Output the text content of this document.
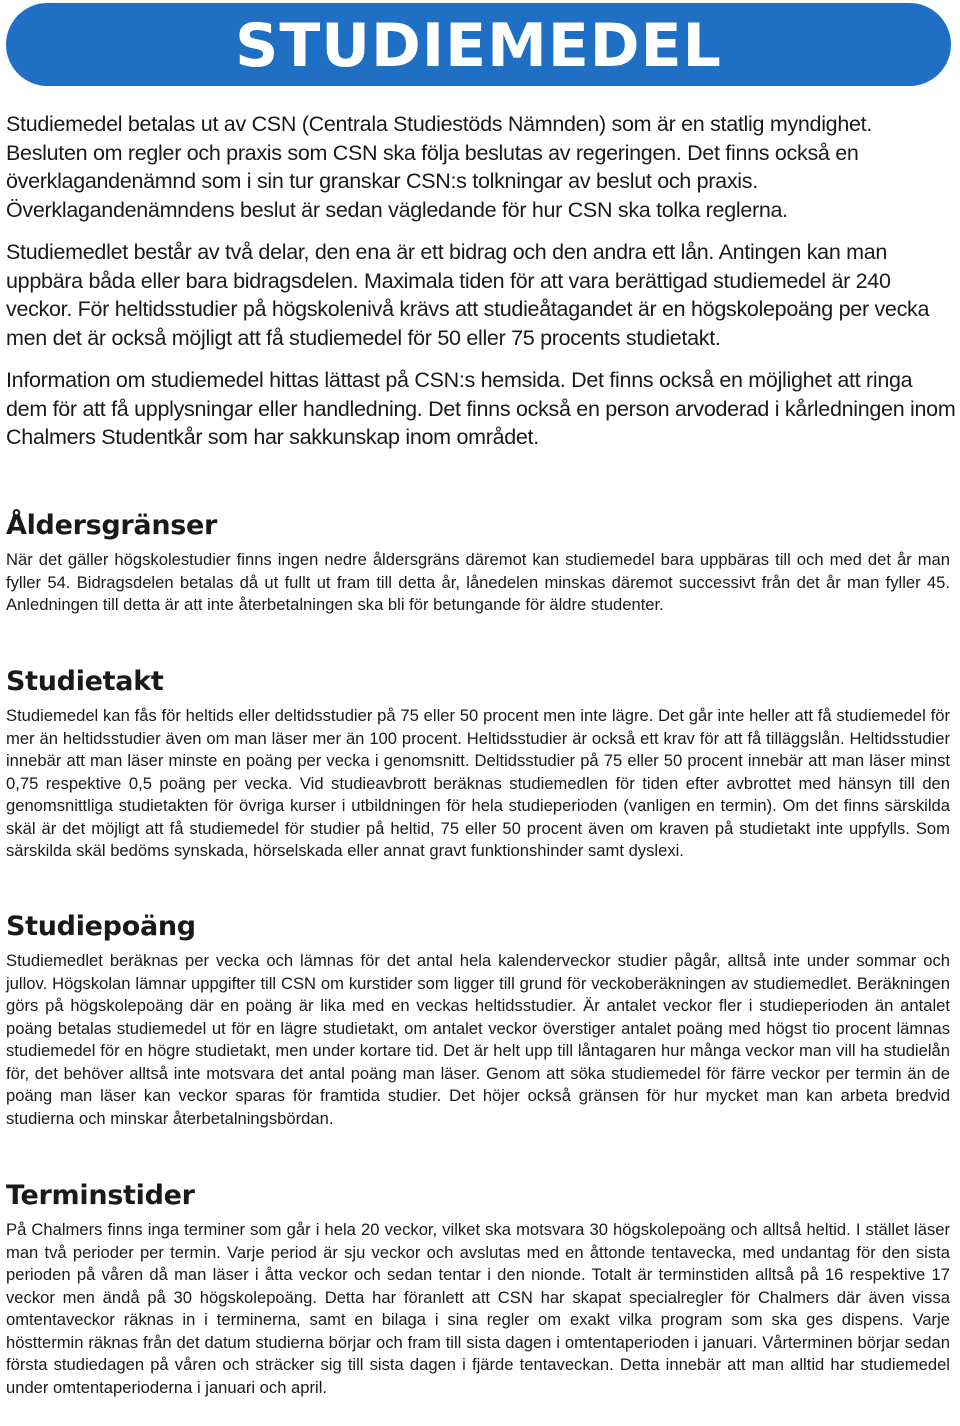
STUDIEMEDEL

Studiemedel betalas ut av CSN (Centrala Studiestöds Nämnden) som är en statlig myndighet. Besluten om regler och praxis som CSN ska följa beslutas av regeringen. Det finns också en överklagandenämnd som i sin tur granskar CSN:s tolkningar av beslut och praxis. Överklagandenämndens beslut är sedan vägledande för hur CSN ska tolka reglerna.

Studiemedlet består av två delar, den ena är ett bidrag och den andra ett lån. Antingen kan man uppbära båda eller bara bidragsdelen. Maximala tiden för att vara berättigad studiemedel är 240 veckor. För heltidsstudier på högskolenivå krävs att studieåtagandet är en högskolepoäng per vecka men det är också möjligt att få studiemedel för 50 eller 75 procents studietakt.

Information om studiemedel hittas lättast på CSN:s hemsida. Det finns också en möjlighet att ringa dem för att få upplysningar eller handledning. Det finns också en person arvoderad i kårledningen inom Chalmers Studentkår som har sakkunskap inom området.

Åldersgränser

När det gäller högskolestudier finns ingen nedre åldersgräns däremot kan studiemedel bara uppbäras till och med det år man fyller 54. Bidragsdelen betalas då ut fullt ut fram till detta år, lånedelen minskas däremot successivt från det år man fyller 45. Anledningen till detta är att inte återbetalningen ska bli för betungande för äldre studenter.

Studietakt

Studiemedel kan fås för heltids eller deltidsstudier på 75 eller 50 procent men inte lägre. Det går inte heller att få studiemedel för mer än heltidsstudier även om man läser mer än 100 procent. Heltidsstudier är också ett krav för att få tilläggslån. Heltidsstudier innebär att man läser minste en poäng per vecka i genomsnitt. Deltidsstudier på 75 eller 50 procent innebär att man läser minst 0,75 respektive 0,5 poäng per vecka. Vid studieavbrott beräknas studiemedlen för tiden efter avbrottet med hänsyn till den genomsnittliga studietakten för övriga kurser i utbildningen för hela studieperioden (vanligen en termin). Om det finns särskilda skäl är det möjligt att få studiemedel för studier på heltid, 75 eller 50 procent även om kraven på studietakt inte uppfylls. Som särskilda skäl bedöms synskada, hörselskada eller annat gravt funktionshinder samt dyslexi.

Studiepoäng

Studiemedlet beräknas per vecka och lämnas för det antal hela kalenderveckor studier pågår, alltså inte under sommar och jullov. Högskolan lämnar uppgifter till CSN om kurstider som ligger till grund för veckoberäkningen av studiemedlet. Beräkningen görs på högskolepoäng där en poäng är lika med en veckas heltidsstudier. Är antalet veckor fler i studieperioden än antalet poäng betalas studiemedel ut för en lägre studietakt, om antalet veckor överstiger antalet poäng med högst tio procent lämnas studiemedel för en högre studietakt, men under kortare tid. Det är helt upp till låntagaren hur många veckor man vill ha studielån för, det behöver alltså inte motsvara det antal poäng man läser. Genom att söka studiemedel för färre veckor per termin än de poäng man läser kan veckor sparas för framtida studier. Det höjer också gränsen för hur mycket man kan arbeta bredvid studierna och minskar återbetalningsbördan.

Terminstider

På Chalmers finns inga terminer som går i hela 20 veckor, vilket ska motsvara 30 högskolepoäng och alltså heltid. I stället läser man två perioder per termin. Varje period är sju veckor och avslutas med en åttonde tentavecka, med undantag för den sista perioden på våren då man läser i åtta veckor och sedan tentar i den nionde. Totalt är terminstiden alltså på 16 respektive 17 veckor men ändå på 30 högskolepoäng. Detta har föranlett att CSN har skapat specialregler för Chalmers där även vissa omtentaveckor räknas in i terminerna, samt en bilaga i sina regler om exakt vilka program som ska ges dispens. Varje hösttermin räknas från det datum studierna börjar och fram till sista dagen i omtentaperioden i januari. Vårterminen börjar sedan första studiedagen på våren och sträcker sig till sista dagen i fjärde tentaveckan. Detta innebär att man alltid har studiemedel under omtentaperioderna i januari och april.
